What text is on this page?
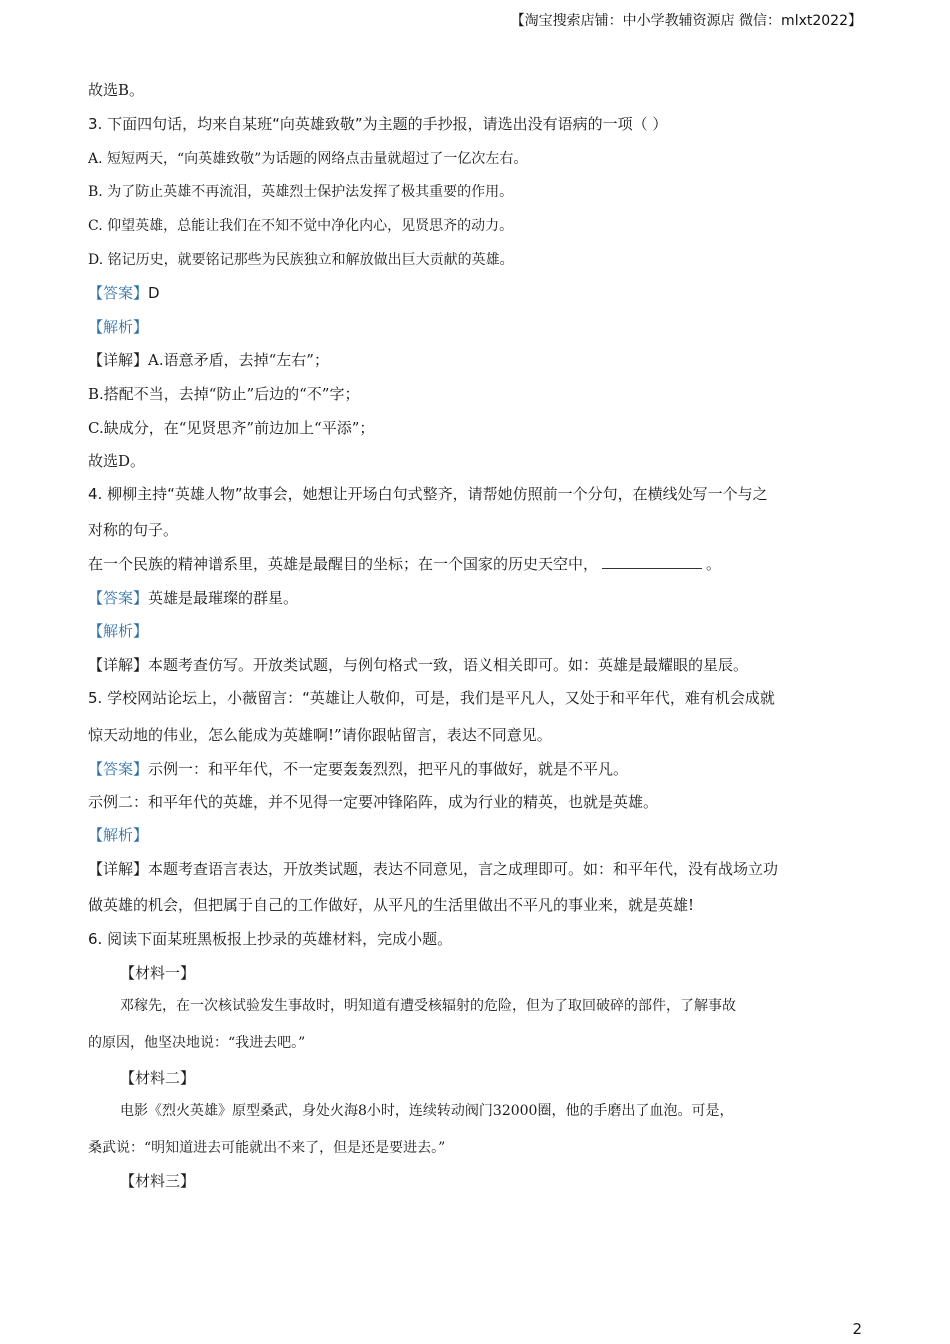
【淘宝搜索店铺：中小学教辅资源店 微信：mlxt2022】
故选B。
3. 下面四句话，均来自某班“向英雄致敬”为主题的手抄报，请选出没有语病的一项（ ）
A. 短短两天，“向英雄致敬”为话题的网络点击量就超过了一亿次左右。
B. 为了防止英雄不再流泪，英雄烈士保护法发挥了极其重要的作用。
C. 仰望英雄，总能让我们在不知不觉中净化内心，见贤思齐的动力。
D. 铭记历史，就要铭记那些为民族独立和解放做出巨大贡献的英雄。
【答案】D
【解析】
【详解】A.语意矛盾，去掉“左右”；
B.搭配不当，去掉“防止”后边的“不”字；
C.缺成分，在“见贤思齐”前边加上“平添”；
故选D。
4. 柳柳主持“英雄人物”故事会，她想让开场白句式整齐，请帮她仿照前一个分句，在横线处写一个与之
对称的句子。
在一个民族的精神谱系里，英雄是最醒目的坐标；在一个国家的历史天空中，	。
【答案】英雄是最璀璨的群星。
【解析】
【详解】本题考查仿写。开放类试题，与例句格式一致，语义相关即可。如：英雄是最耀眼的星辰。
5. 学校网站论坛上，小薇留言：“英雄让人敬仰，可是，我们是平凡人，又处于和平年代，难有机会成就
惊天动地的伟业，怎么能成为英雄啊!”请你跟帖留言，表达不同意见。
【答案】示例一：和平年代，不一定要轰轰烈烈，把平凡的事做好，就是不平凡。
示例二：和平年代的英雄，并不见得一定要冲锋陷阵，成为行业的精英，也就是英雄。
【解析】
【详解】本题考查语言表达，开放类试题，表达不同意见，言之成理即可。如：和平年代，没有战场立功
做英雄的机会，但把属于自己的工作做好，从平凡的生活里做出不平凡的事业来，就是英雄!
6. 阅读下面某班黑板报上抄录的英雄材料，完成小题。
【材料一】
邓稼先，在一次核试验发生事故时，明知道有遭受核辐射的危险，但为了取回破碎的部件，了解事故
的原因，他坚决地说：“我进去吧。”
【材料二】
电影《烈火英雄》原型桑武，身处火海8小时，连续转动阀门32000圈，他的手磨出了血泡。可是，
桑武说：“明知道进去可能就出不来了，但是还是要进去。”
【材料三】
2
